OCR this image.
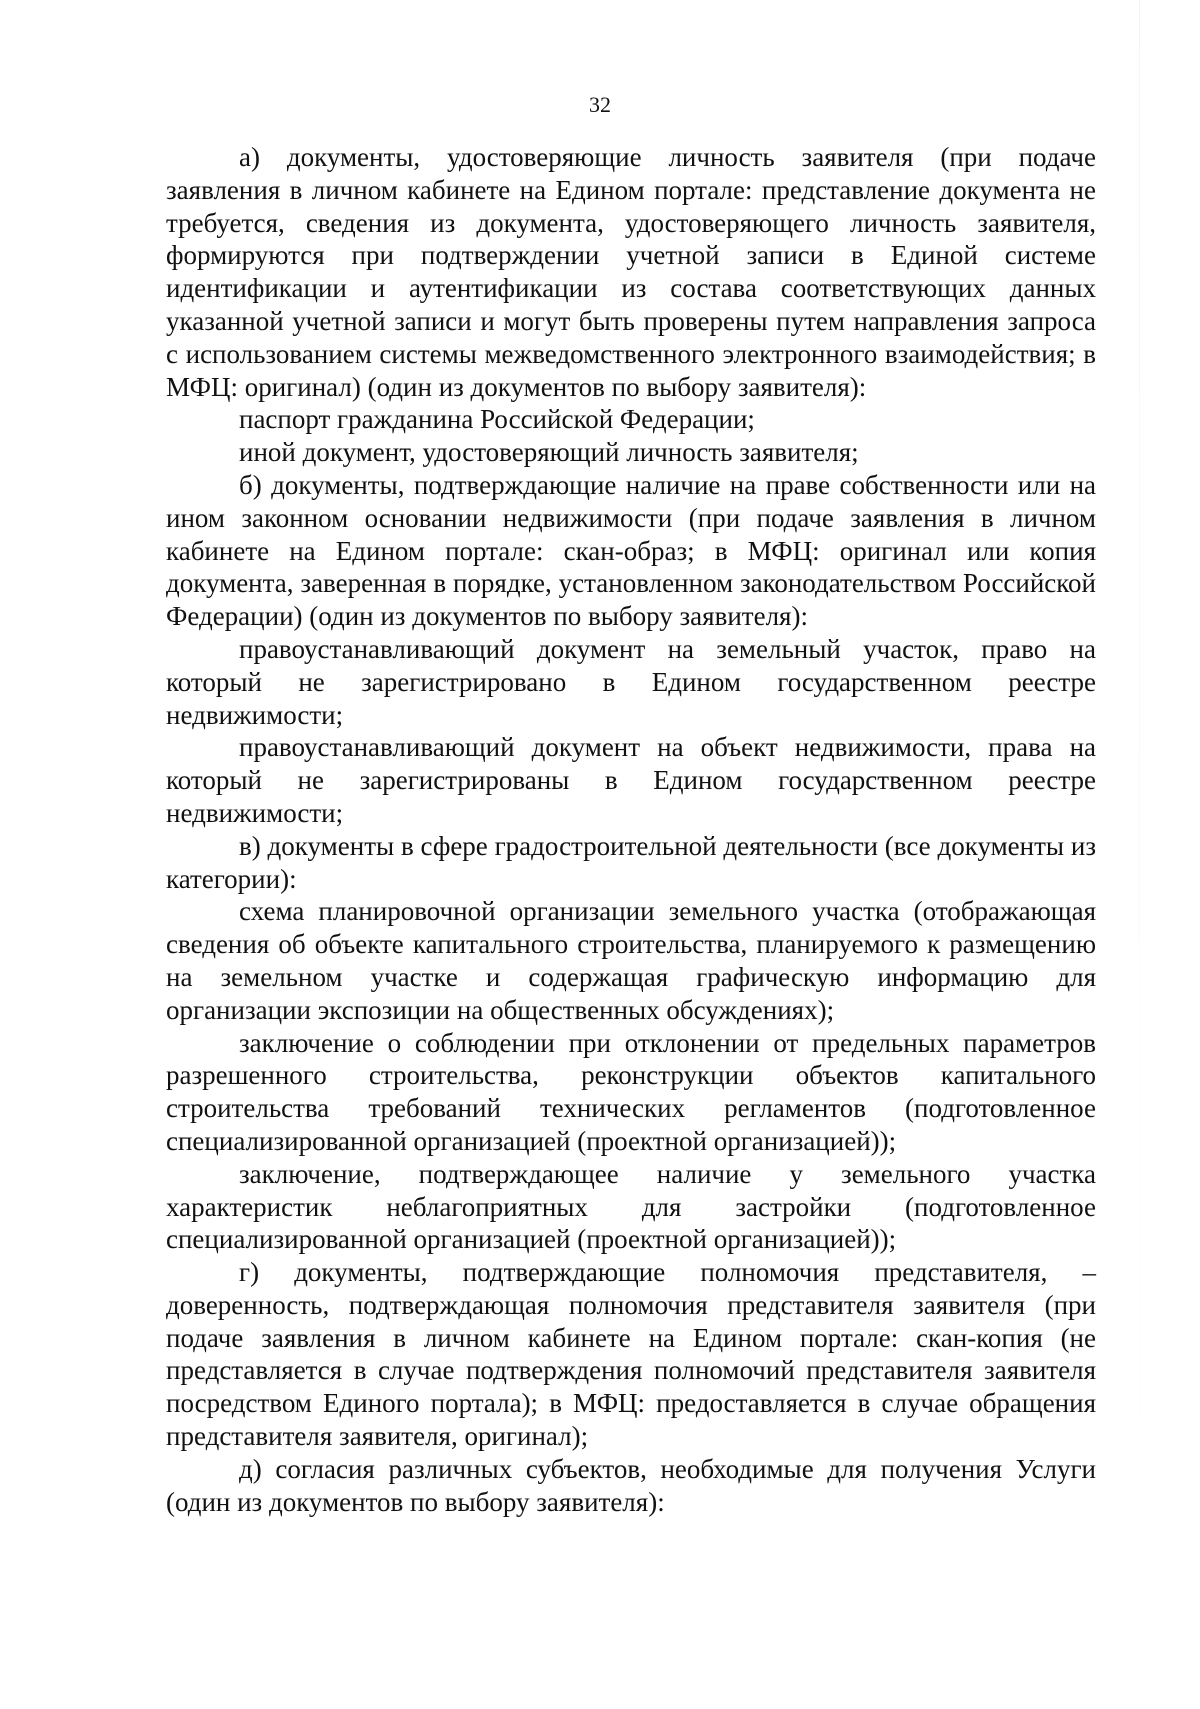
32

а) документы, удостоверяющие личность заявителя (при подаче заявления в личном кабинете на Едином портале: представление документа не требуется, сведения из документа, удостоверяющего личность заявителя, формируются при подтверждении учетной записи в Единой системе идентификации и аутентификации из состава соответствующих данных указанной учетной записи и могут быть проверены путем направления запроса с использованием системы межведомственного электронного взаимодействия; в МФЦ: оригинал) (один из документов по выбору заявителя):

паспорт гражданина Российской Федерации;

иной документ, удостоверяющий личность заявителя;

б) документы, подтверждающие наличие на праве собственности или на ином законном основании недвижимости (при подаче заявления в личном кабинете на Едином портале: скан-образ; в МФЦ: оригинал или копия документа, заверенная в порядке, установленном законодательством Российской Федерации) (один из документов по выбору заявителя):

правоустанавливающий документ на земельный участок, право на который не зарегистрировано в Едином государственном реестре недвижимости;

правоустанавливающий документ на объект недвижимости, права на который не зарегистрированы в Едином государственном реестре недвижимости;

в) документы в сфере градостроительной деятельности (все документы из категории):

схема планировочной организации земельного участка (отображающая сведения об объекте капитального строительства, планируемого к размещению на земельном участке и содержащая графическую информацию для организации экспозиции на общественных обсуждениях);

заключение о соблюдении при отклонении от предельных параметров разрешенного строительства, реконструкции объектов капитального строительства требований технических регламентов (подготовленное специализированной организацией (проектной организацией));

заключение, подтверждающее наличие у земельного участка характеристик неблагоприятных для застройки (подготовленное специализированной организацией (проектной организацией));

г) документы, подтверждающие полномочия представителя, – доверенность, подтверждающая полномочия представителя заявителя (при подаче заявления в личном кабинете на Едином портале: скан-копия (не представляется в случае подтверждения полномочий представителя заявителя посредством Единого портала); в МФЦ: предоставляется в случае обращения представителя заявителя, оригинал);

д) согласия различных субъектов, необходимые для получения Услуги (один из документов по выбору заявителя):
